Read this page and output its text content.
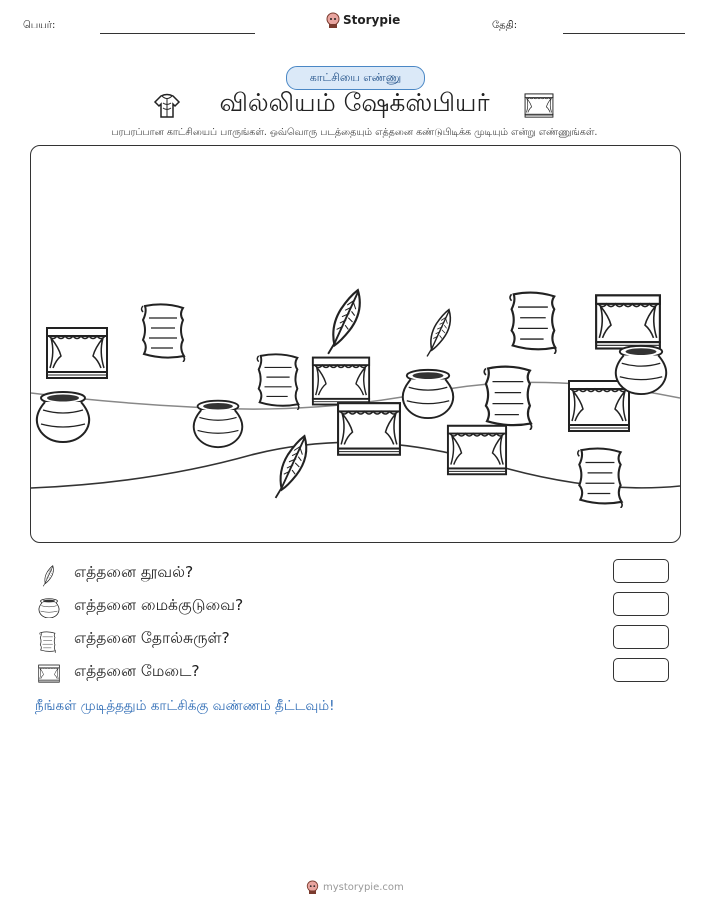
பெயர்:	Storypie	தேதி:
காட்சியை எண்ணு
வில்லியம் ஷேக்ஸ்பியர்
பரபரப்பான காட்சியைப் பாருங்கள். ஒவ்வொரு படத்தையும் எத்தனை கண்டுபிடிக்க முடியும் என்று எண்ணுங்கள்.
எத்தனை தூவல்?
எத்தனை மைக்குடுவை?
எத்தனை தோல்சுருள்?
எத்தனை மேடை?
நீங்கள் முடித்ததும் காட்சிக்கு வண்ணம் தீட்டவும்!
mystorypie.com
